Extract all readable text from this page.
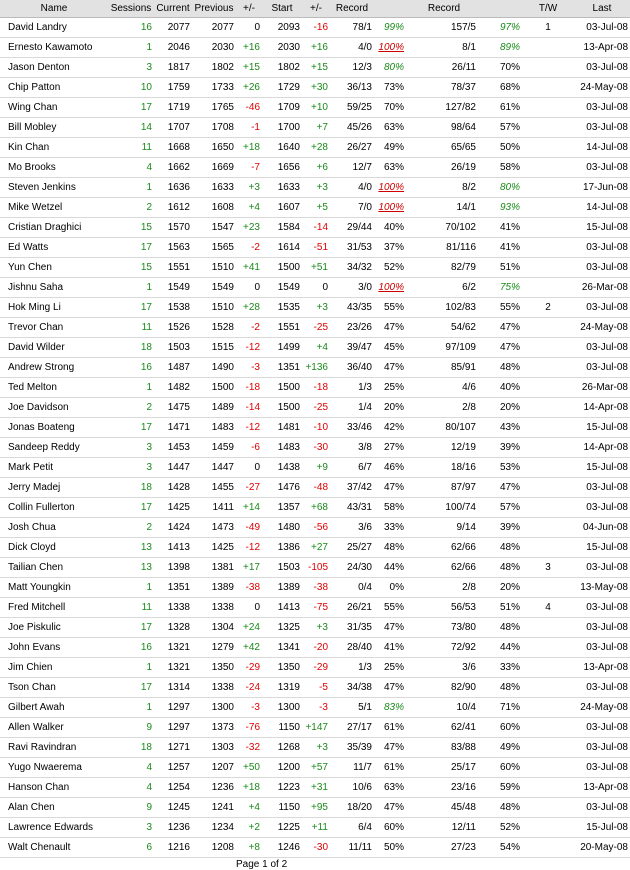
Name	Sessions	Current	Previous	+/-	Start	+/-	Record		Record		T/W	Last
David Landry	16	2077	2077	0	2093	-16	78/1	99%	157/5	97%	1	03-Jul-08
Ernesto Kawamoto	1	2046	2030	+16	2030	+16	4/0	100%	8/1	89%		13-Apr-08
Jason Denton	3	1817	1802	+15	1802	+15	12/3	80%	26/11	70%		03-Jul-08
Chip Patton	10	1759	1733	+26	1729	+30	36/13	73%	78/37	68%		24-May-08
Wing Chan	17	1719	1765	-46	1709	+10	59/25	70%	127/82	61%		03-Jul-08
Bill Mobley	14	1707	1708	-1	1700	+7	45/26	63%	98/64	57%		03-Jul-08
Kin Chan	11	1668	1650	+18	1640	+28	26/27	49%	65/65	50%		14-Jul-08
Mo Brooks	4	1662	1669	-7	1656	+6	12/7	63%	26/19	58%		03-Jul-08
Steven Jenkins	1	1636	1633	+3	1633	+3	4/0	100%	8/2	80%		17-Jun-08
Mike Wetzel	2	1612	1608	+4	1607	+5	7/0	100%	14/1	93%		14-Jul-08
Cristian Draghici	15	1570	1547	+23	1584	-14	29/44	40%	70/102	41%		15-Jul-08
Ed Watts	17	1563	1565	-2	1614	-51	31/53	37%	81/116	41%		03-Jul-08
Yun Chen	15	1551	1510	+41	1500	+51	34/32	52%	82/79	51%		03-Jul-08
Jishnu Saha	1	1549	1549	0	1549	0	3/0	100%	6/2	75%		26-Mar-08
Hok Ming Li	17	1538	1510	+28	1535	+3	43/35	55%	102/83	55%	2	03-Jul-08
Trevor Chan	11	1526	1528	-2	1551	-25	23/26	47%	54/62	47%		24-May-08
David Wilder	18	1503	1515	-12	1499	+4	39/47	45%	97/109	47%		03-Jul-08
Andrew Strong	16	1487	1490	-3	1351	+136	36/40	47%	85/91	48%		03-Jul-08
Ted Melton	1	1482	1500	-18	1500	-18	1/3	25%	4/6	40%		26-Mar-08
Joe Davidson	2	1475	1489	-14	1500	-25	1/4	20%	2/8	20%		14-Apr-08
Jonas Boateng	17	1471	1483	-12	1481	-10	33/46	42%	80/107	43%		15-Jul-08
Sandeep Reddy	3	1453	1459	-6	1483	-30	3/8	27%	12/19	39%		14-Apr-08
Mark Petit	3	1447	1447	0	1438	+9	6/7	46%	18/16	53%		15-Jul-08
Jerry Madej	18	1428	1455	-27	1476	-48	37/42	47%	87/97	47%		03-Jul-08
Collin Fullerton	17	1425	1411	+14	1357	+68	43/31	58%	100/74	57%		03-Jul-08
Josh Chua	2	1424	1473	-49	1480	-56	3/6	33%	9/14	39%		04-Jun-08
Dick Cloyd	13	1413	1425	-12	1386	+27	25/27	48%	62/66	48%		15-Jul-08
Tailian Chen	13	1398	1381	+17	1503	-105	24/30	44%	62/66	48%	3	03-Jul-08
Matt Youngkin	1	1351	1389	-38	1389	-38	0/4	0%	2/8	20%		13-May-08
Fred Mitchell	11	1338	1338	0	1413	-75	26/21	55%	56/53	51%	4	03-Jul-08
Joe Piskulic	17	1328	1304	+24	1325	+3	31/35	47%	73/80	48%		03-Jul-08
John Evans	16	1321	1279	+42	1341	-20	28/40	41%	72/92	44%		03-Jul-08
Jim Chien	1	1321	1350	-29	1350	-29	1/3	25%	3/6	33%		13-Apr-08
Tson Chan	17	1314	1338	-24	1319	-5	34/38	47%	82/90	48%		03-Jul-08
Gilbert Awah	1	1297	1300	-3	1300	-3	5/1	83%	10/4	71%		24-May-08
Allen Walker	9	1297	1373	-76	1150	+147	27/17	61%	62/41	60%		03-Jul-08
Ravi Ravindran	18	1271	1303	-32	1268	+3	35/39	47%	83/88	49%		03-Jul-08
Yugo Nwaerema	4	1257	1207	+50	1200	+57	11/7	61%	25/17	60%		03-Jul-08
Hanson Chan	4	1254	1236	+18	1223	+31	10/6	63%	23/16	59%		13-Apr-08
Alan Chen	9	1245	1241	+4	1150	+95	18/20	47%	45/48	48%		03-Jul-08
Lawrence Edwards	3	1236	1234	+2	1225	+11	6/4	60%	12/11	52%		15-Jul-08
Walt Chenault	6	1216	1208	+8	1246	-30	11/11	50%	27/23	54%		20-May-08
Page 1 of 2
